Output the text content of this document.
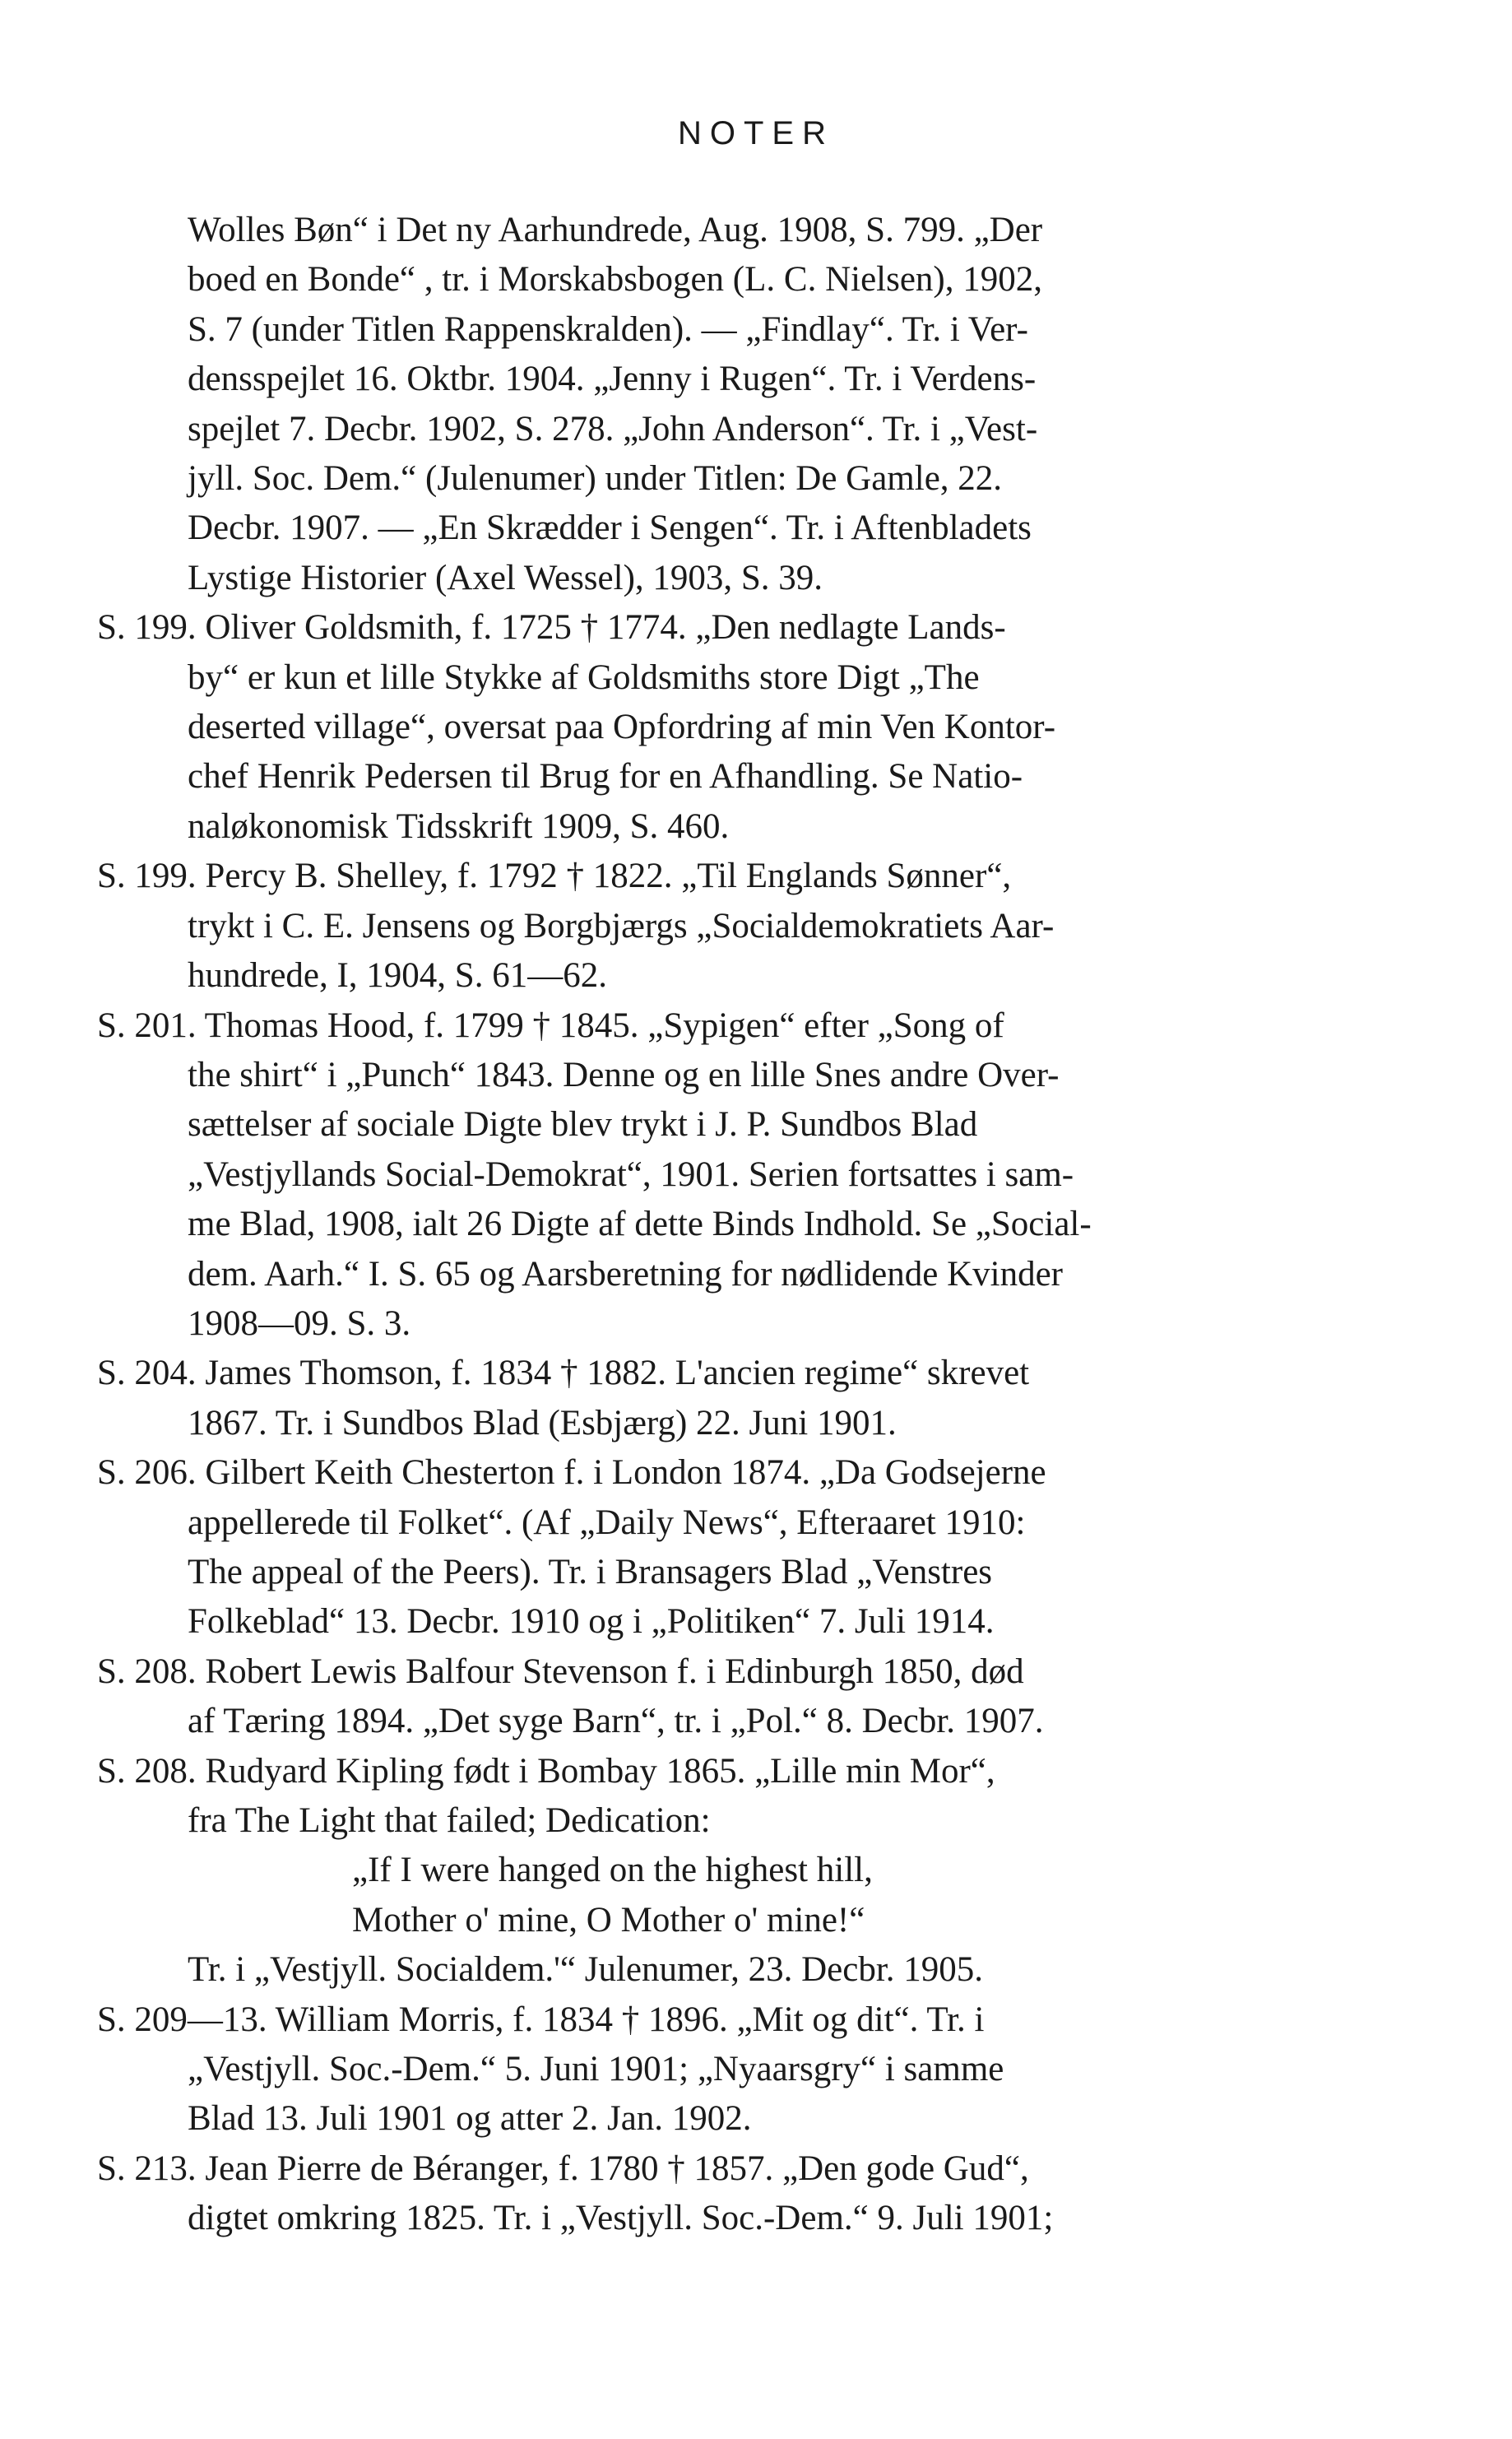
NOTER
Wolles Bøn“ i Det ny Aarhundrede, Aug. 1908, S. 799. „Der
boed en Bonde“ , tr. i Morskabsbogen (L. C. Nielsen), 1902,
S. 7 (under Titlen Rappenskralden). — „Findlay“. Tr. i Ver-
densspejlet 16. Oktbr. 1904. „Jenny i Rugen“. Tr. i Verdens-
spejlet 7. Decbr. 1902, S. 278. „John Anderson“. Tr. i „Vest-
jyll. Soc. Dem.“ (Julenumer) under Titlen: De Gamle, 22.
Decbr. 1907. — „En Skrædder i Sengen“. Tr. i Aftenbladets
Lystige Historier (Axel Wessel), 1903, S. 39.
S. 199. Oliver Goldsmith, f. 1725 † 1774. „Den nedlagte Lands-
by“ er kun et lille Stykke af Goldsmiths store Digt „The
deserted village“, oversat paa Opfordring af min Ven Kontor-
chef Henrik Pedersen til Brug for en Afhandling. Se Natio-
naløkonomisk Tidsskrift 1909, S. 460.
S. 199. Percy B. Shelley, f. 1792 † 1822. „Til Englands Sønner“,
trykt i C. E. Jensens og Borgbjærgs „Socialdemokratiets Aar-
hundrede, I, 1904, S. 61—62.
S. 201. Thomas Hood, f. 1799 † 1845. „Sypigen“ efter „Song of
the shirt“ i „Punch“ 1843. Denne og en lille Snes andre Over-
sættelser af sociale Digte blev trykt i J. P. Sundbos Blad
„Vestjyllands Social-Demokrat“, 1901. Serien fortsattes i sam-
me Blad, 1908, ialt 26 Digte af dette Binds Indhold. Se „Social-
dem. Aarh.“ I. S. 65 og Aarsberetning for nødlidende Kvinder
1908—09. S. 3.
S. 204. James Thomson, f. 1834 † 1882. L'ancien regime“ skrevet
1867. Tr. i Sundbos Blad (Esbjærg) 22. Juni 1901.
S. 206. Gilbert Keith Chesterton f. i London 1874. „Da Godsejerne
appellerede til Folket“. (Af „Daily News“, Efteraaret 1910:
The appeal of the Peers). Tr. i Bransagers Blad „Venstres
Folkeblad“ 13. Decbr. 1910 og i „Politiken“ 7. Juli 1914.
S. 208. Robert Lewis Balfour Stevenson f. i Edinburgh 1850, død
af Tæring 1894. „Det syge Barn“, tr. i „Pol.“ 8. Decbr. 1907.
S. 208. Rudyard Kipling født i Bombay 1865. „Lille min Mor“,
fra The Light that failed; Dedication:
„If I were hanged on the highest hill,
Mother o' mine, O Mother o' mine!“
Tr. i „Vestjyll. Socialdem.'“ Julenumer, 23. Decbr. 1905.
S. 209—13. William Morris, f. 1834 † 1896. „Mit og dit“. Tr. i
„Vestjyll. Soc.-Dem.“ 5. Juni 1901; „Nyaarsgry“ i samme
Blad 13. Juli 1901 og atter 2. Jan. 1902.
S. 213. Jean Pierre de Béranger, f. 1780 † 1857. „Den gode Gud“,
digtet omkring 1825. Tr. i „Vestjyll. Soc.-Dem.“ 9. Juli 1901;
